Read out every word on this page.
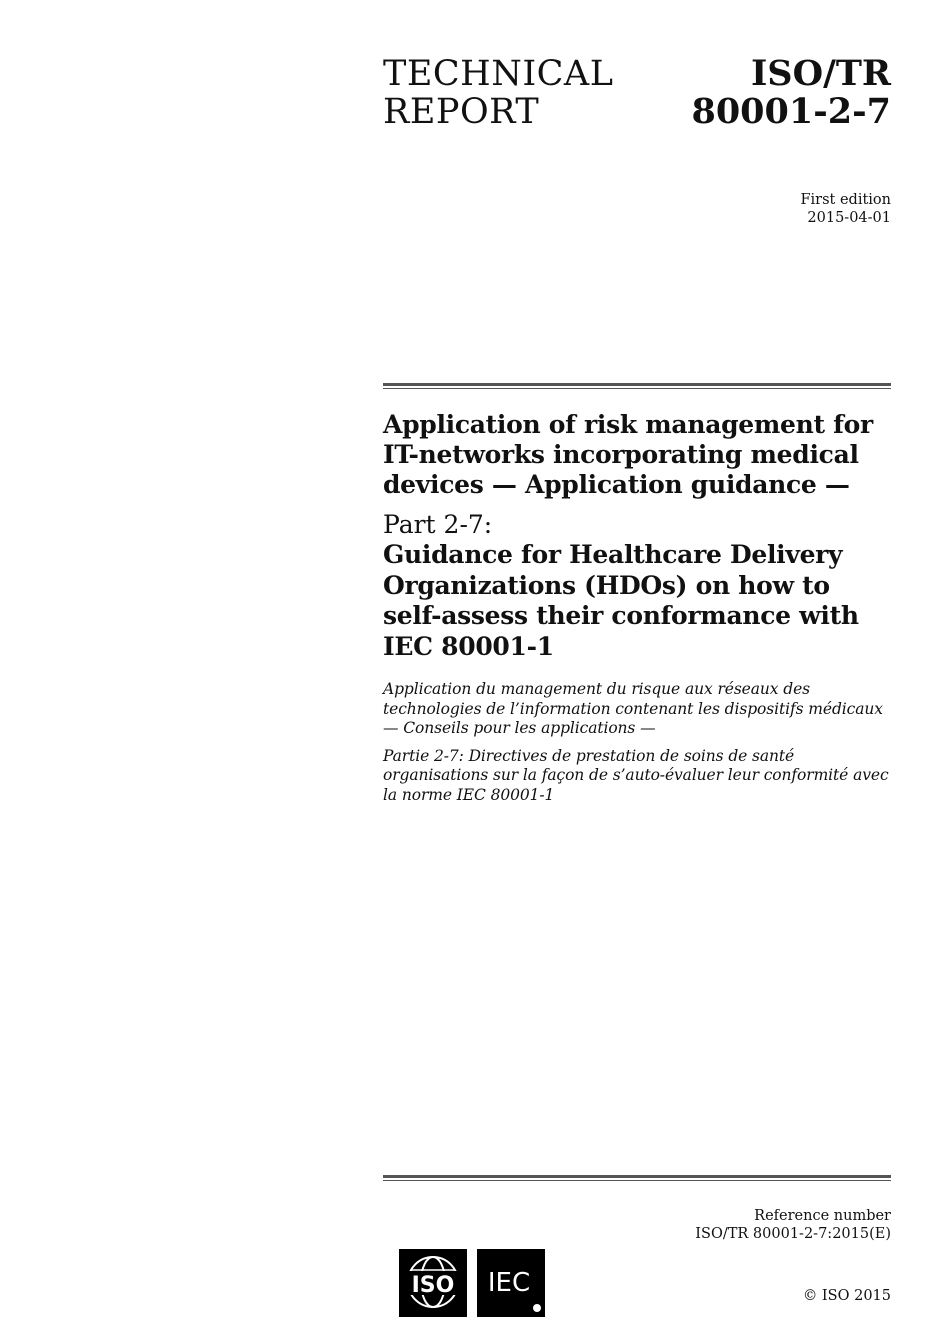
TECHNICAL
REPORT
ISO/TR
80001-2-7
First edition
2015-04-01
Application of risk management for IT-networks incorporating medical devices — Application guidance —
Part 2-7:
Guidance for Healthcare Delivery Organizations (HDOs) on how to self-assess their conformance with IEC 80001-1

Application du management du risque aux réseaux des technologies de l’information contenant les dispositifs médicaux — Conseils pour les applications —

Partie 2-7: Directives de prestation de soins de santé organisations sur la façon de s’auto-évaluer leur conformité avec la norme IEC 80001-1

Reference number
ISO/TR 80001-2-7:2015(E)
ISO IEC	© ISO 2015
